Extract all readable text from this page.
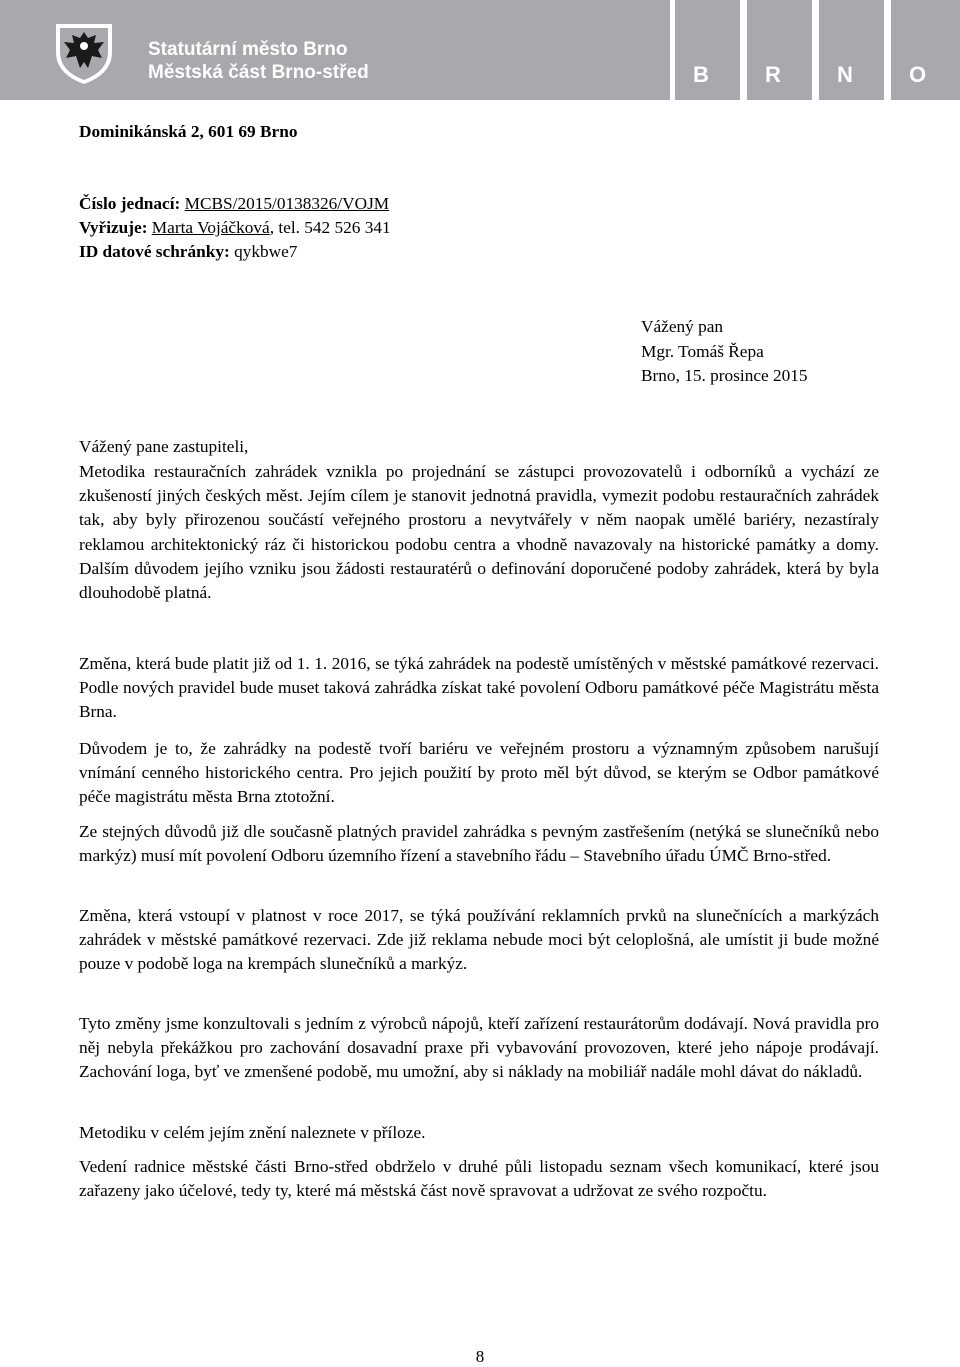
Statutární město Brno
Městská část Brno-střed	B	R	N	O
Dominikánská 2, 601 69 Brno
Číslo jednací: MCBS/2015/0138326/VOJM
Vyřizuje: Marta Vojáčková, tel. 542 526 341
ID datové schránky: qykbwe7
Vážený pan
Mgr. Tomáš Řepa
Brno, 15. prosince 2015
Vážený pane zastupiteli,
Metodika restauračních zahrádek vznikla po projednání se zástupci provozovatelů i odborníků a vychází ze zkušeností jiných českých měst. Jejím cílem je stanovit jednotná pravidla, vymezit podobu restauračních zahrádek tak, aby byly přirozenou součástí veřejného prostoru a nevytvářely v něm naopak umělé bariéry, nezastíraly reklamou architektonický ráz či historickou podobu centra a vhodně navazovaly na historické památky a domy. Dalším důvodem jejího vzniku jsou žádosti restauratérů o definování doporučené podoby zahrádek, která by byla dlouhodobě platná.
Změna, která bude platit již od 1. 1. 2016, se týká zahrádek na podestě umístěných v městské památkové rezervaci. Podle nových pravidel bude muset taková zahrádka získat také povolení Odboru památkové péče Magistrátu města Brna.
Důvodem je to, že zahrádky na podestě tvoří bariéru ve veřejném prostoru a významným způsobem narušují vnímání cenného historického centra. Pro jejich použití by proto měl být důvod, se kterým se Odbor památkové péče magistrátu města Brna ztotožní.
Ze stejných důvodů již dle současně platných pravidel zahrádka s pevným zastřešením (netýká se slunečníků nebo markýz) musí mít povolení Odboru územního řízení a stavebního řádu – Stavebního úřadu ÚMČ Brno-střed.
Změna, která vstoupí v platnost v roce 2017, se týká používání reklamních prvků na slunečnících a markýzách zahrádek v městské památkové rezervaci. Zde již reklama nebude moci být celoplošná, ale umístit ji bude možné pouze v podobě loga na krempách slunečníků a markýz.
Tyto změny jsme konzultovali s jedním z výrobců nápojů, kteří zařízení restaurátorům dodávají. Nová pravidla pro něj nebyla překážkou pro zachování dosavadní praxe při vybavování provozoven, které jeho nápoje prodávají. Zachování loga, byť ve zmenšené podobě, mu umožní, aby si náklady na mobiliář nadále mohl dávat do nákladů.
Metodiku v celém jejím znění naleznete v příloze.
Vedení radnice městské části Brno-střed obdrželo v druhé půli listopadu seznam všech komunikací, které jsou zařazeny jako účelové, tedy ty, které má městská část nově spravovat a udržovat ze svého rozpočtu.
8
